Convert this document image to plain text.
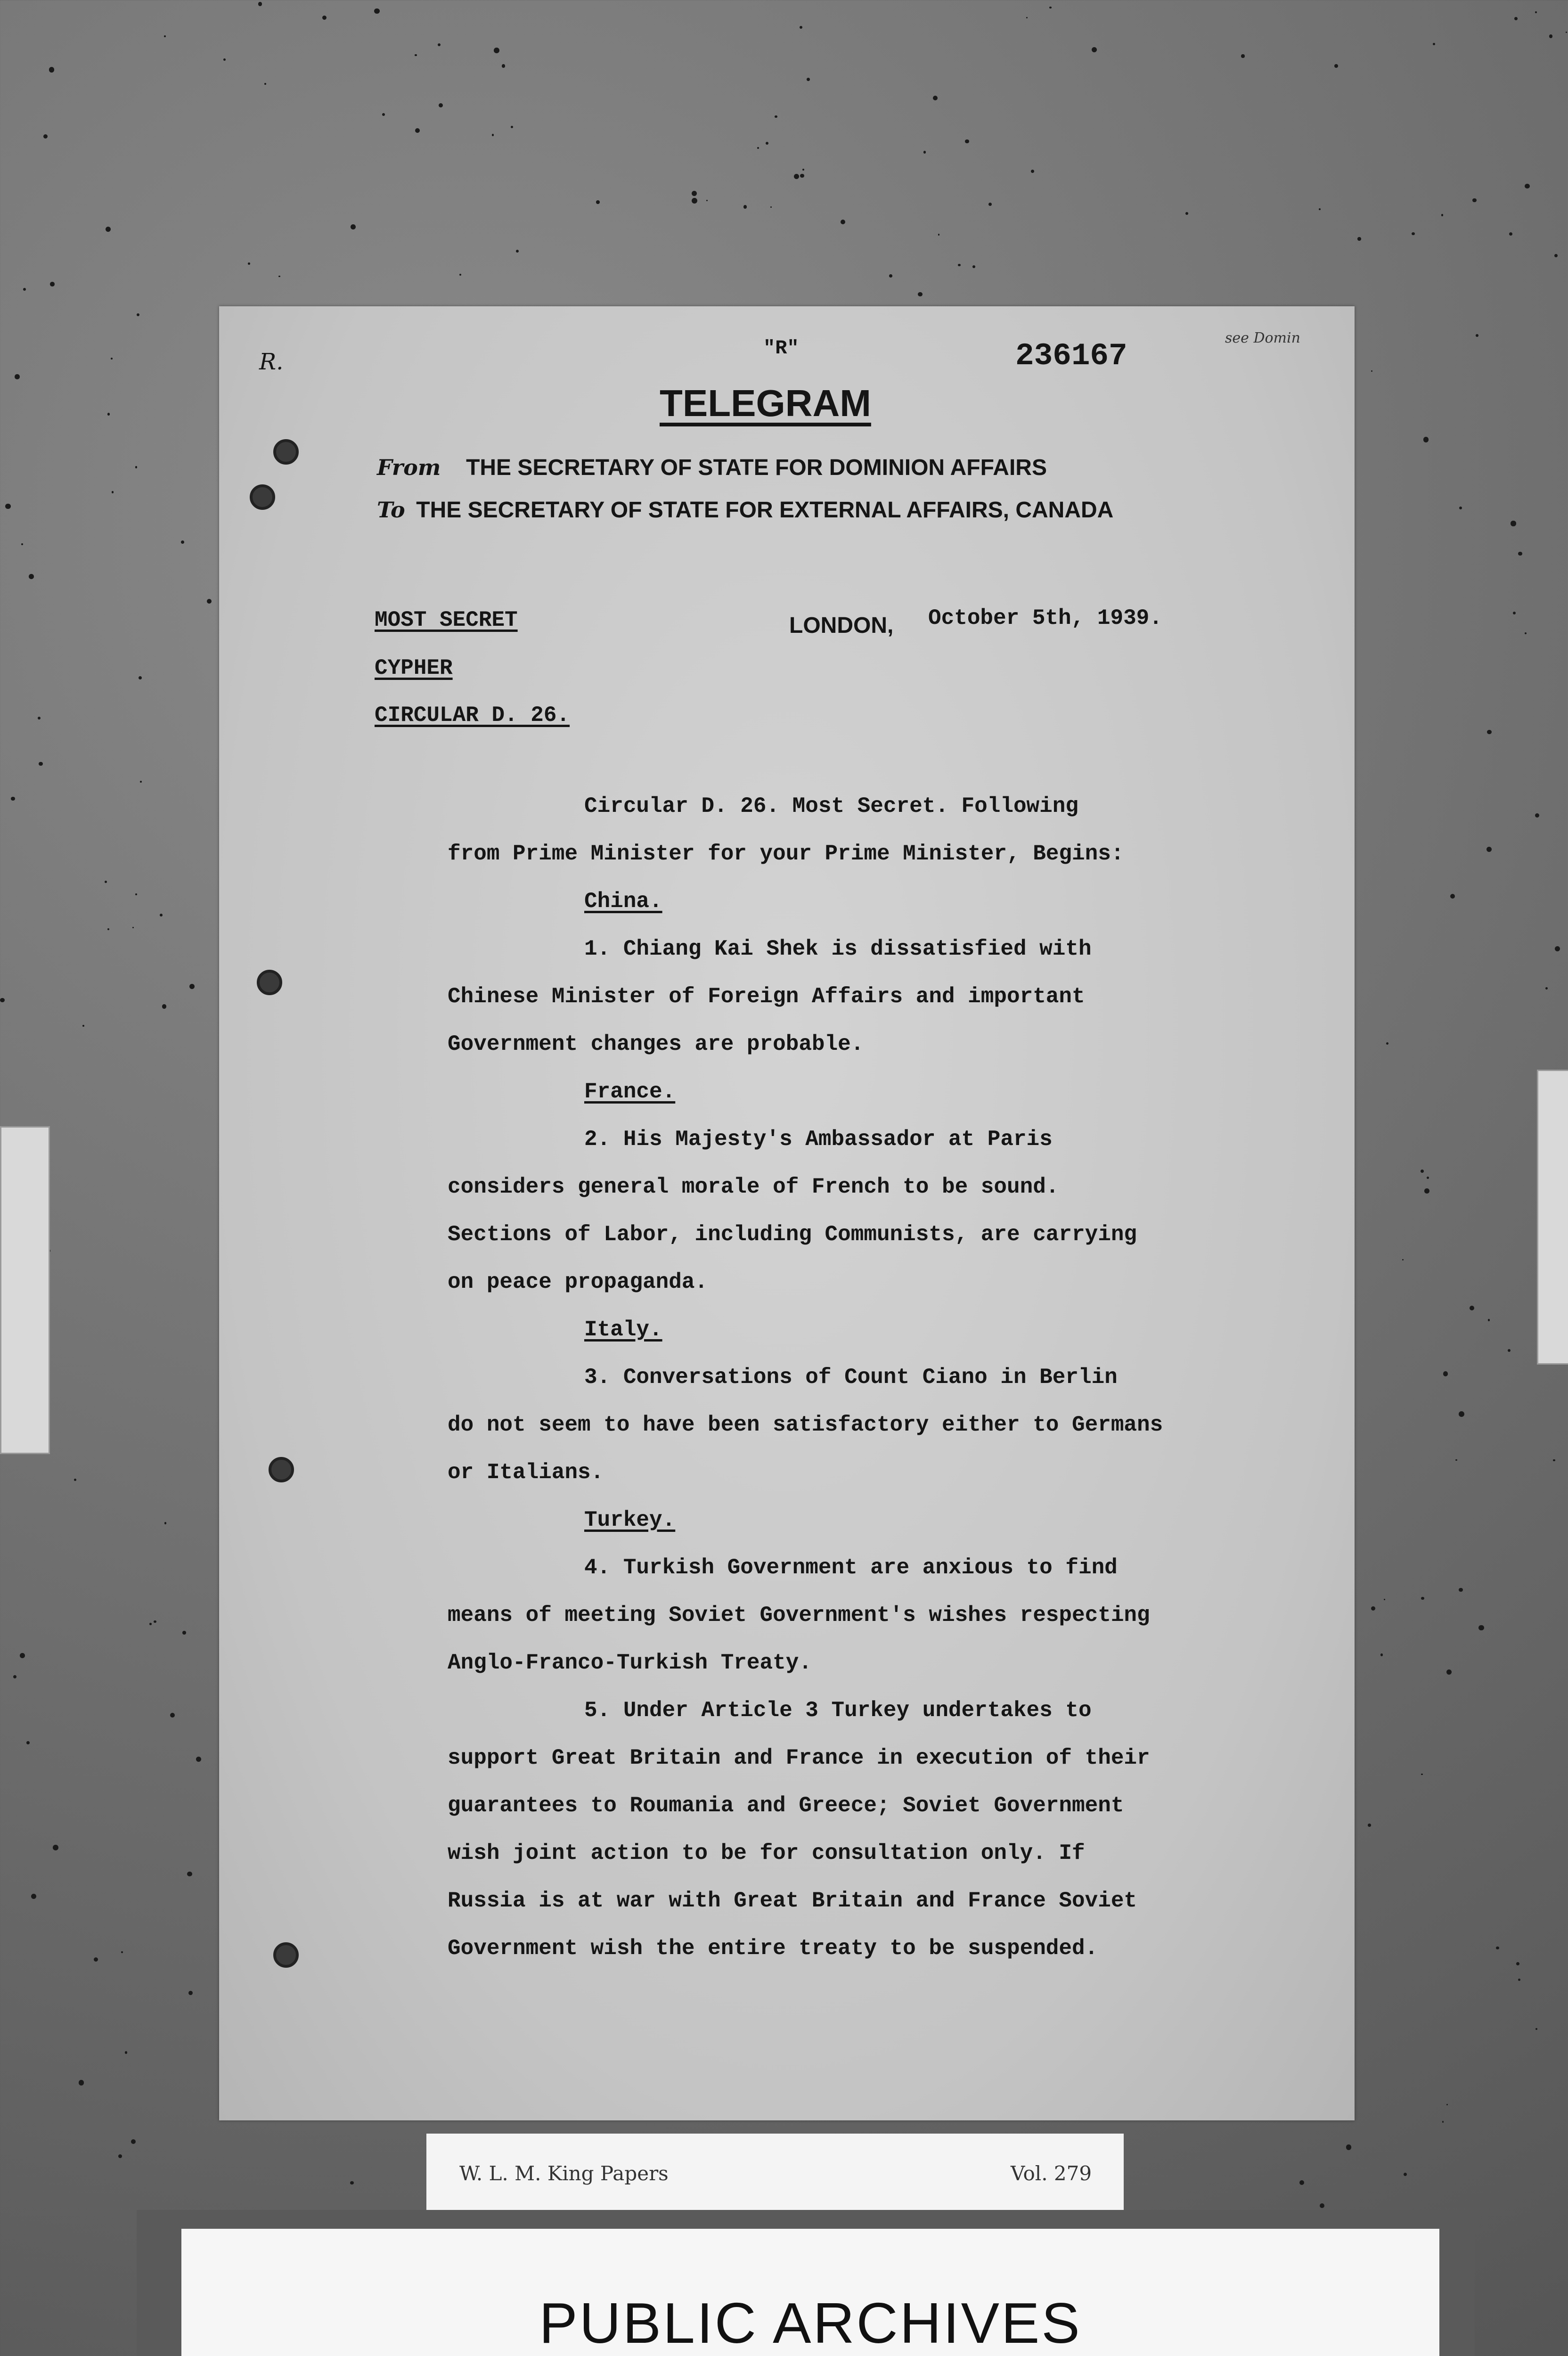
R.
"R"	236167
see Domin
TELEGRAM
From THE SECRETARY OF STATE FOR DOMINION AFFAIRS
To THE SECRETARY OF STATE FOR EXTERNAL AFFAIRS, CANADA
MOST SECRET
CYPHER
CIRCULAR D. 26.
LONDON, October 5th, 1939.
Circular D. 26. Most Secret. Following
from Prime Minister for your Prime Minister, Begins:
China.
1. Chiang Kai Shek is dissatisfied with
Chinese Minister of Foreign Affairs and important
Government changes are probable.
France.
2. His Majesty's Ambassador at Paris
considers general morale of French to be sound.
Sections of Labor, including Communists, are carrying
on peace propaganda.
Italy.
3. Conversations of Count Ciano in Berlin
do not seem to have been satisfactory either to Germans
or Italians.
Turkey.
4. Turkish Government are anxious to find
means of meeting Soviet Government's wishes respecting
Anglo-Franco-Turkish Treaty.
5. Under Article 3 Turkey undertakes to
support Great Britain and France in execution of their
guarantees to Roumania and Greece; Soviet Government
wish joint action to be for consultation only. If
Russia is at war with Great Britain and France Soviet
Government wish the entire treaty to be suspended.
W. L. M. King Papers	Vol. 279
PUBLIC ARCHIVES
